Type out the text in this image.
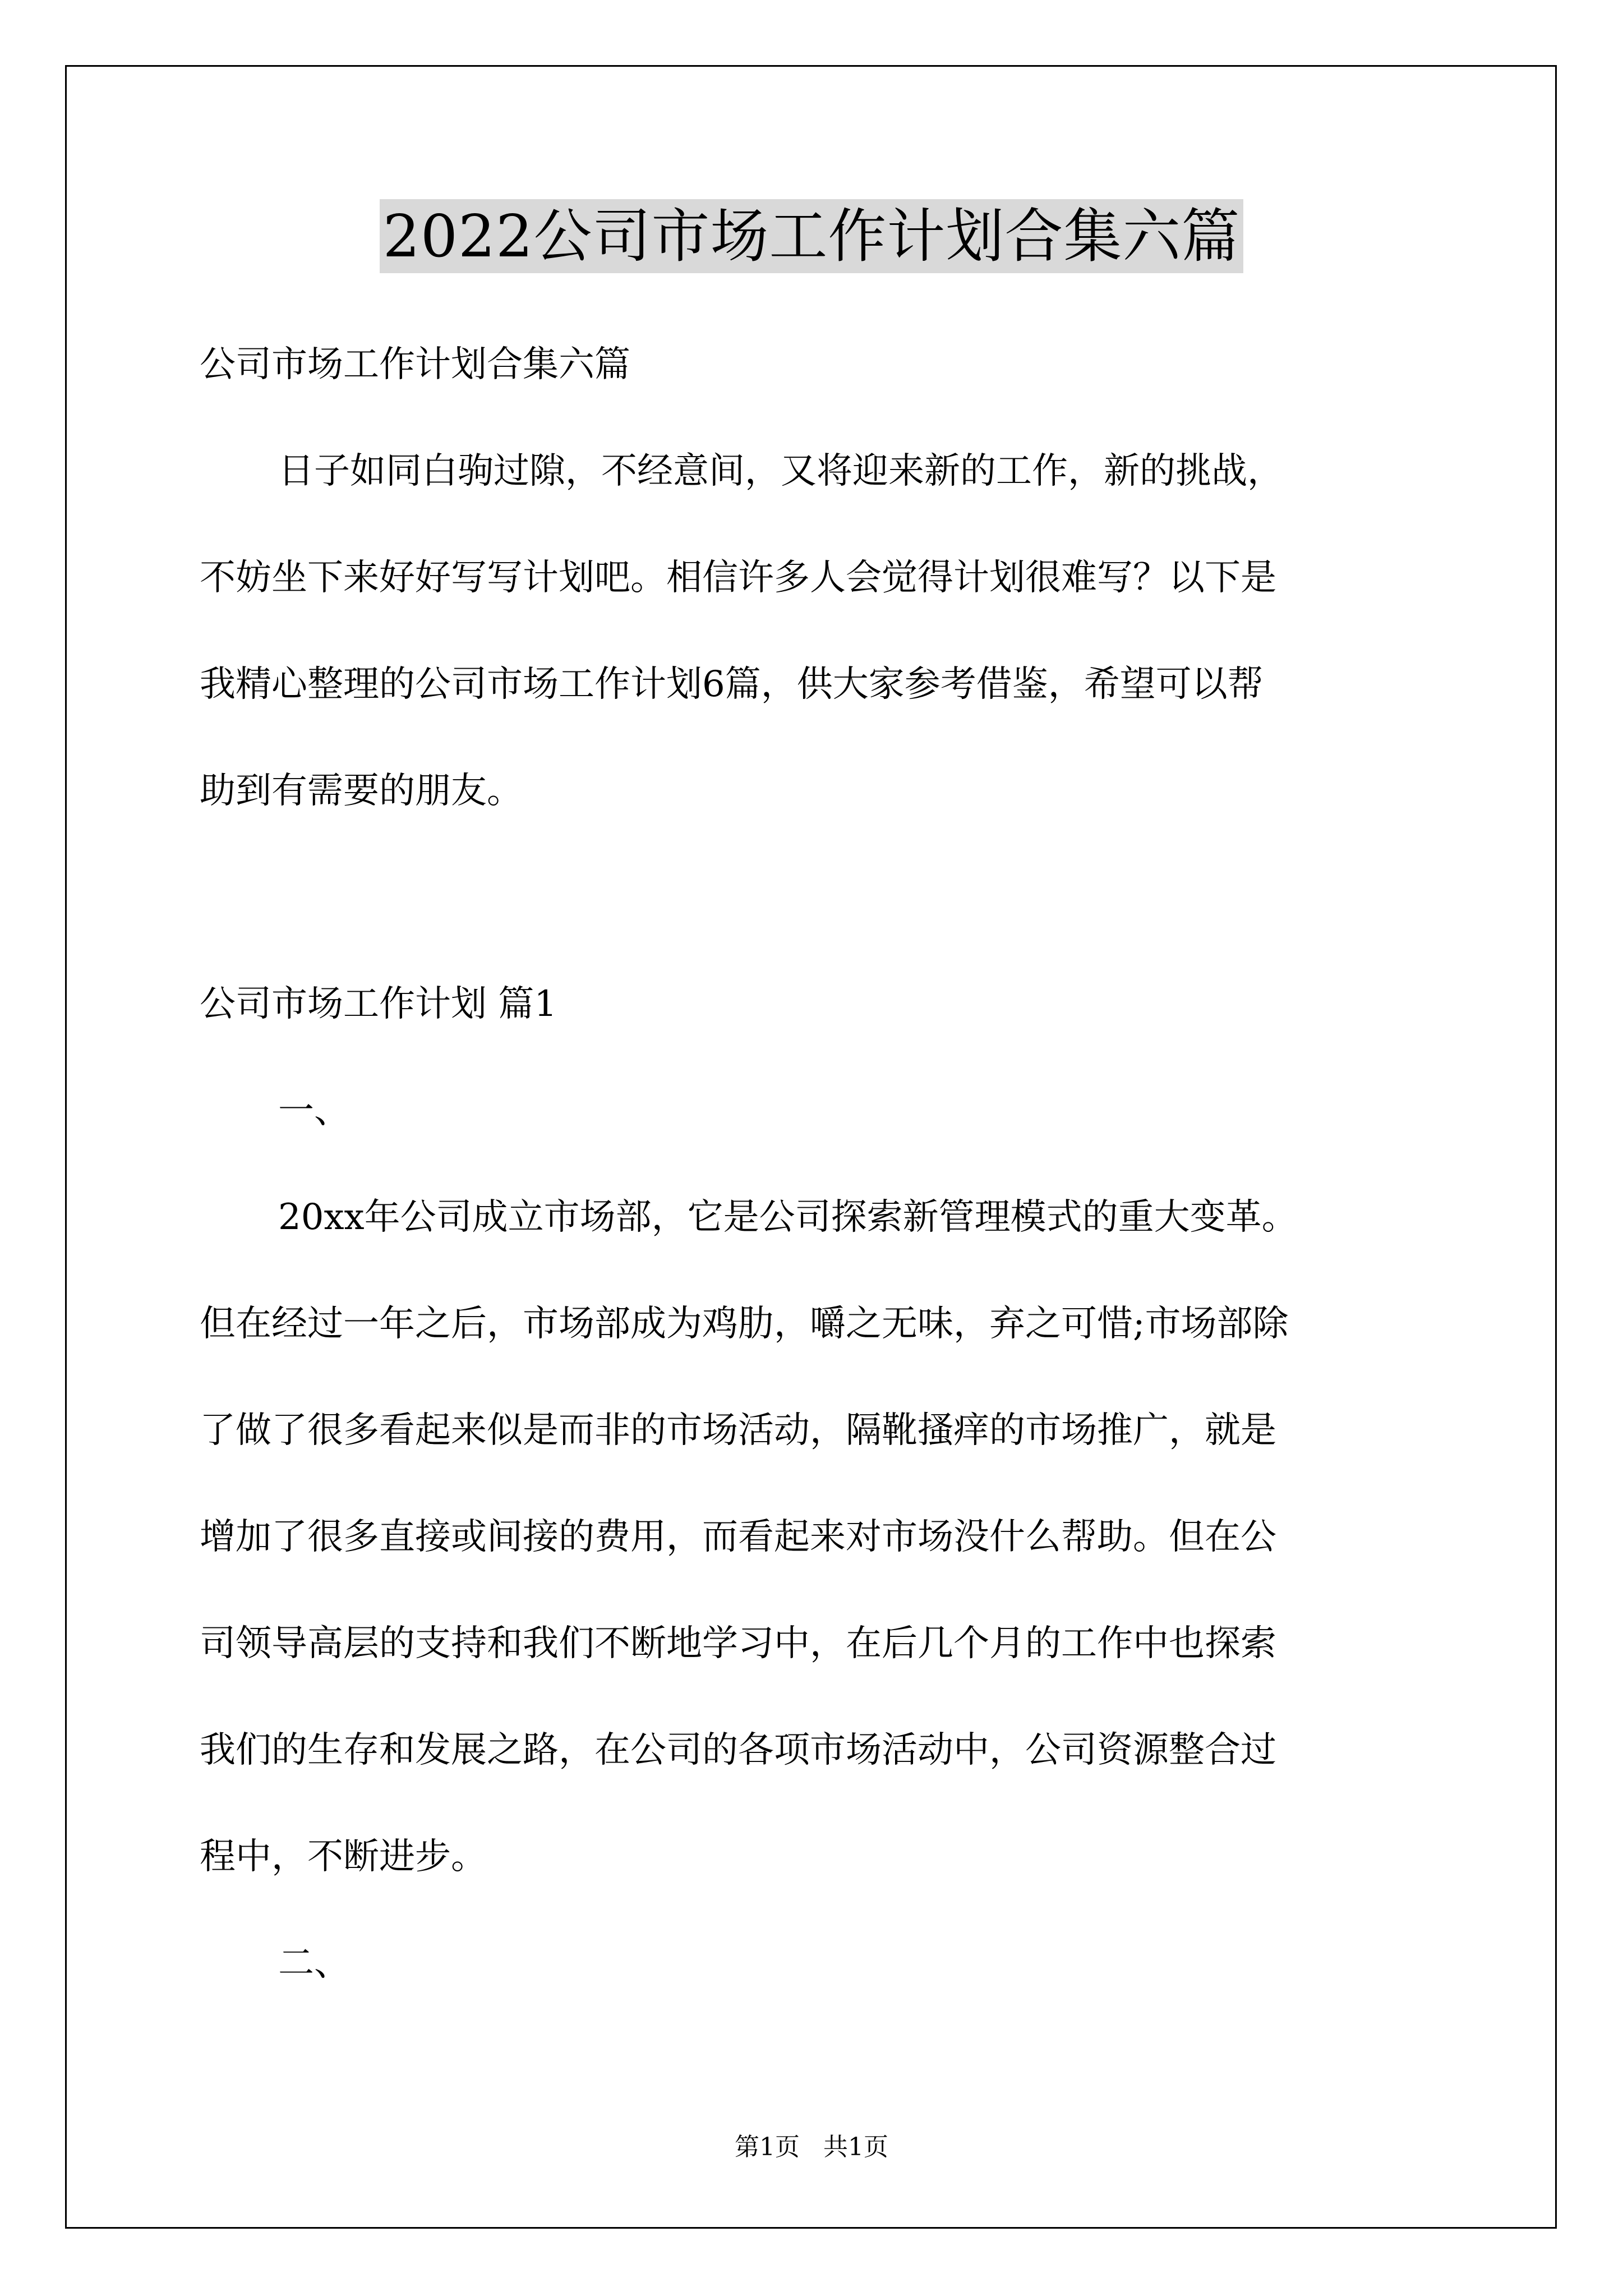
2022公司市场工作计划合集六篇
公司市场工作计划合集六篇
日子如同白驹过隙，不经意间，又将迎来新的工作，新的挑战，
不妨坐下来好好写写计划吧。相信许多人会觉得计划很难写？以下是
我精心整理的公司市场工作计划6篇，供大家参考借鉴，希望可以帮
助到有需要的朋友。
公司市场工作计划 篇1
一、
20xx年公司成立市场部，它是公司探索新管理模式的重大变革。
但在经过一年之后，市场部成为鸡肋，嚼之无味，弃之可惜;市场部除
了做了很多看起来似是而非的市场活动，隔靴搔痒的市场推广，就是
增加了很多直接或间接的费用，而看起来对市场没什么帮助。但在公
司领导高层的支持和我们不断地学习中，在后几个月的工作中也探索
我们的生存和发展之路，在公司的各项市场活动中，公司资源整合过
程中，不断进步。
二、
第1页   共1页
